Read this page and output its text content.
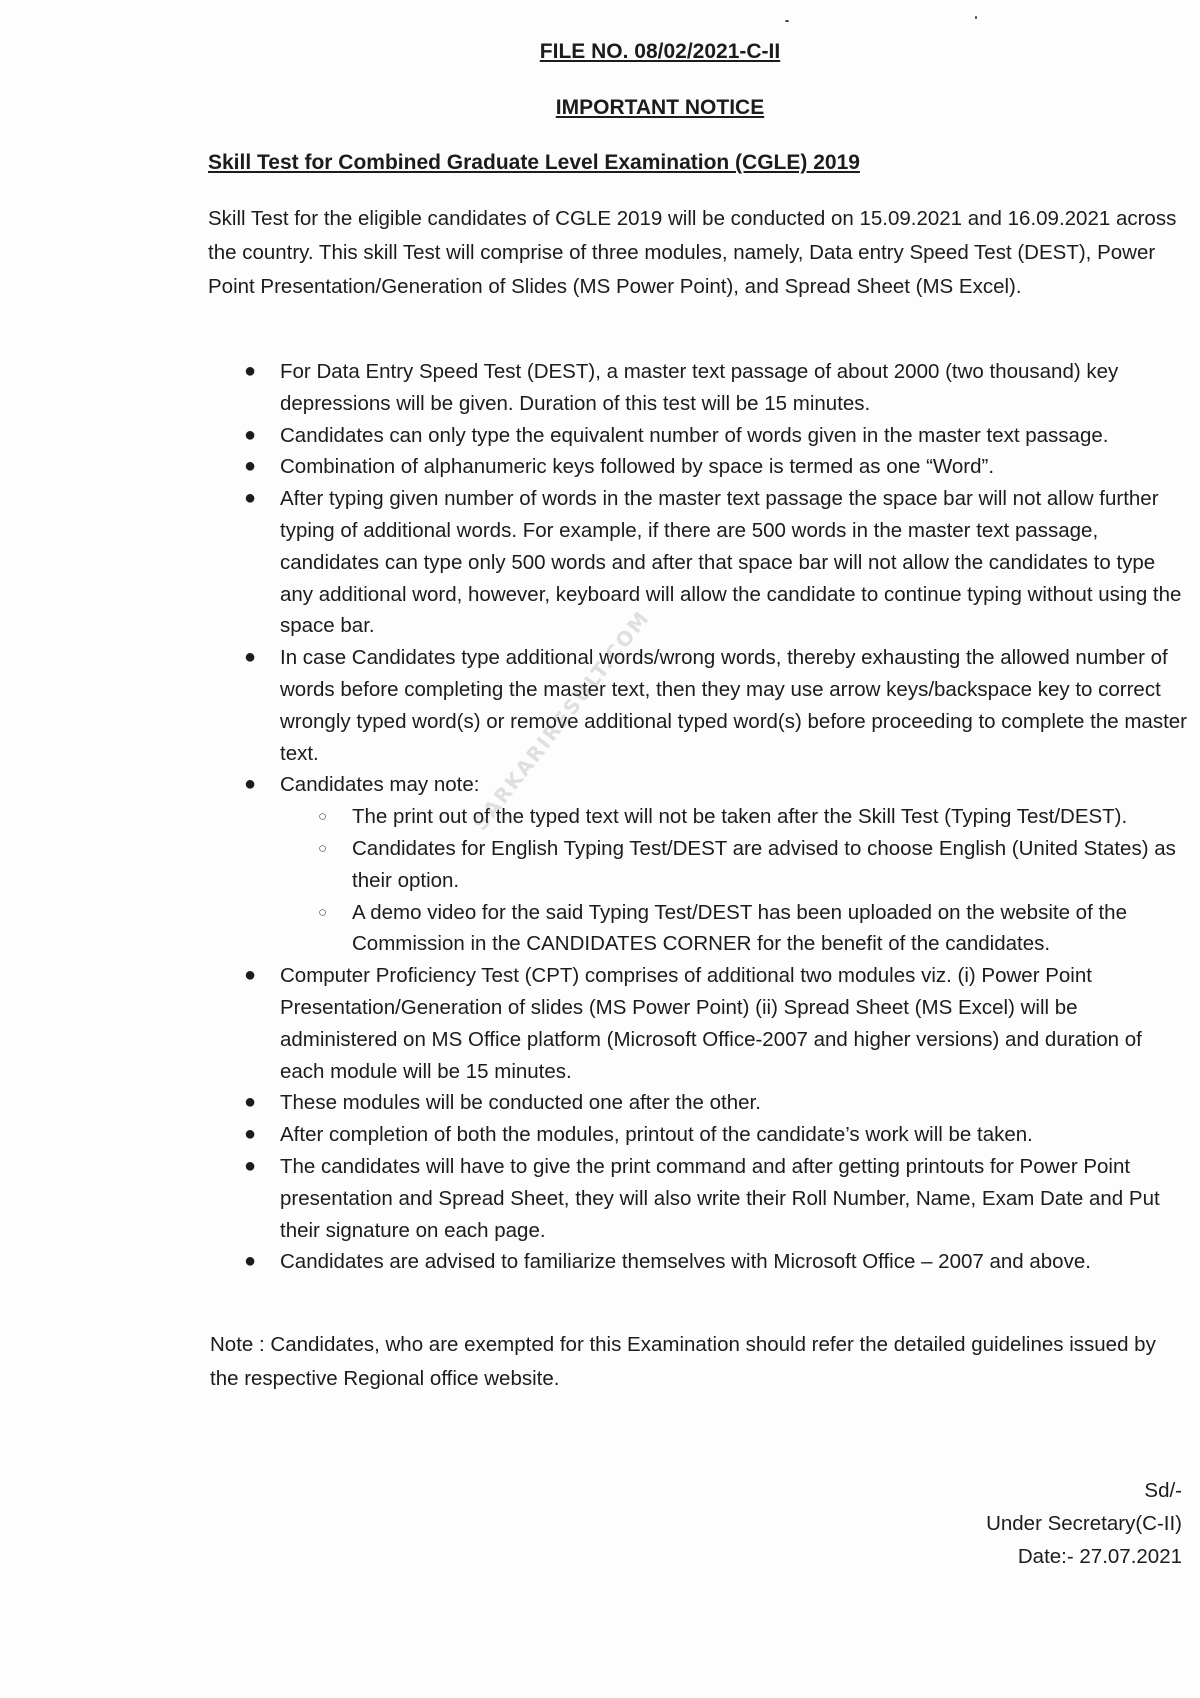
FILE NO. 08/02/2021-C-II
IMPORTANT NOTICE
Skill Test for Combined Graduate Level Examination (CGLE) 2019

Skill Test for the eligible candidates of CGLE 2019 will be conducted on 15.09.2021 and 16.09.2021 across the country. This skill Test will comprise of three modules, namely, Data entry Speed Test (DEST), Power Point Presentation/Generation of Slides (MS Power Point), and Spread Sheet (MS Excel).

● For Data Entry Speed Test (DEST), a master text passage of about 2000 (two thousand) key depressions will be given. Duration of this test will be 15 minutes.
● Candidates can only type the equivalent number of words given in the master text passage.
● Combination of alphanumeric keys followed by space is termed as one “Word”.
● After typing given number of words in the master text passage the space bar will not allow further typing of additional words. For example, if there are 500 words in the master text passage, candidates can type only 500 words and after that space bar will not allow the candidates to type any additional word, however, keyboard will allow the candidate to continue typing without using the space bar.
● In case Candidates type additional words/wrong words, thereby exhausting the allowed number of words before completing the master text, then they may use arrow keys/backspace key to correct wrongly typed word(s) or remove additional typed word(s) before proceeding to complete the master text.
● Candidates may note:
○ The print out of the typed text will not be taken after the Skill Test (Typing Test/DEST).
○ Candidates for English Typing Test/DEST are advised to choose English (United States) as their option.
○ A demo video for the said Typing Test/DEST has been uploaded on the website of the Commission in the CANDIDATES CORNER for the benefit of the candidates.
● Computer Proficiency Test (CPT) comprises of additional two modules viz. (i) Power Point Presentation/Generation of slides (MS Power Point) (ii) Spread Sheet (MS Excel) will be administered on MS Office platform (Microsoft Office-2007 and higher versions) and duration of each module will be 15 minutes.
● These modules will be conducted one after the other.
● After completion of both the modules, printout of the candidate’s work will be taken.
● The candidates will have to give the print command and after getting printouts for Power Point presentation and Spread Sheet, they will also write their Roll Number, Name, Exam Date and Put their signature on each page.
● Candidates are advised to familiarize themselves with Microsoft Office – 2007 and above.

Note : Candidates, who are exempted for this Examination should refer the detailed guidelines issued by the respective Regional office website.

Sd/-
Under Secretary(C-II)
Date:- 27.07.2021
SARKARIRESULT.COM
